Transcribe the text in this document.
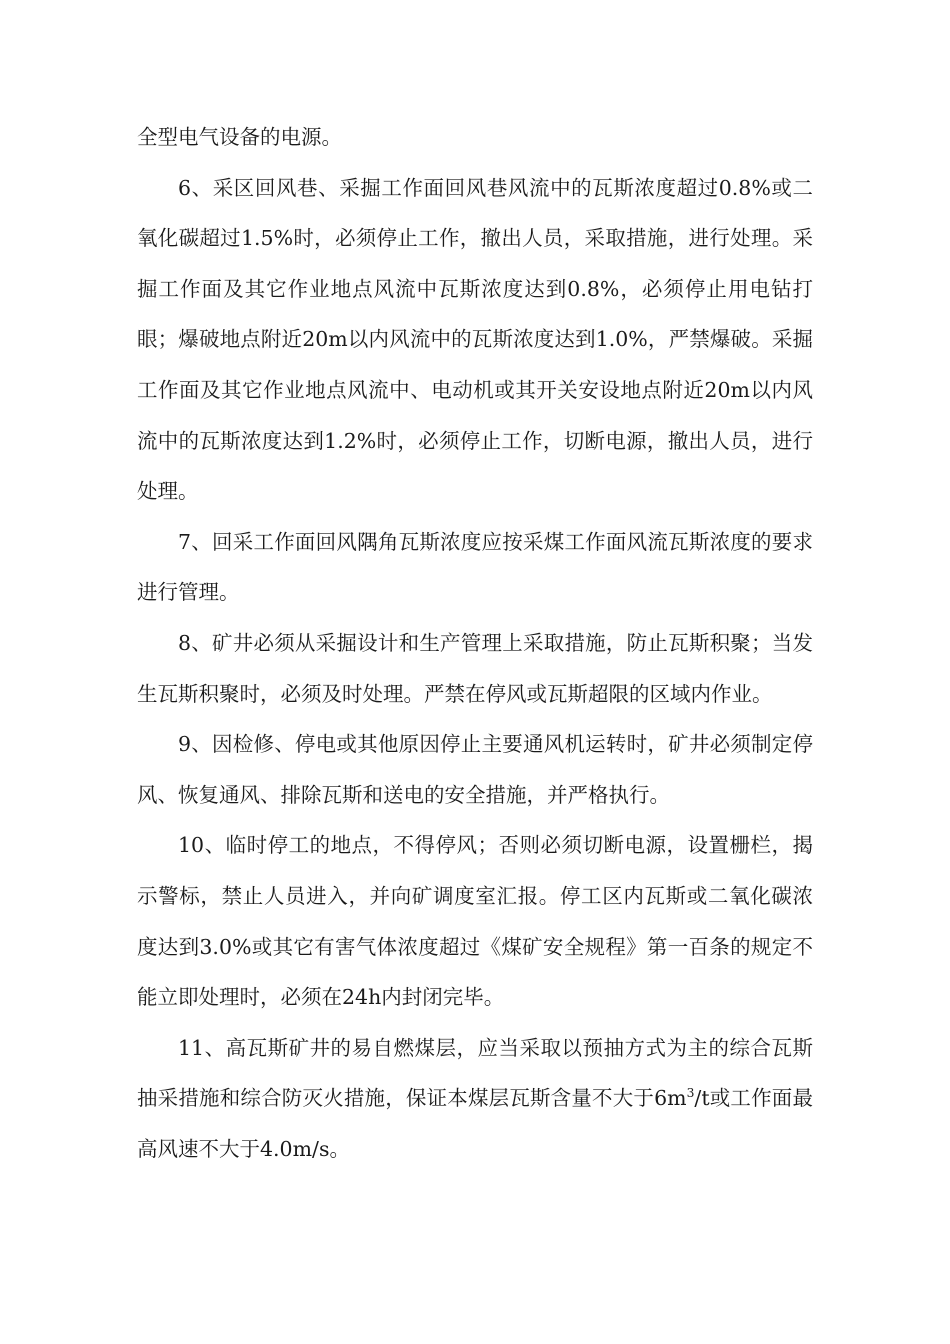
全型电气设备的电源。

6、采区回风巷、采掘工作面回风巷风流中的瓦斯浓度超过0.8%或二氧化碳超过1.5%时，必须停止工作，撤出人员，采取措施，进行处理。采掘工作面及其它作业地点风流中瓦斯浓度达到0.8%，必须停止用电钻打眼；爆破地点附近20m以内风流中的瓦斯浓度达到1.0%，严禁爆破。采掘工作面及其它作业地点风流中、电动机或其开关安设地点附近20m以内风流中的瓦斯浓度达到1.2%时，必须停止工作，切断电源，撤出人员，进行处理。

7、回采工作面回风隅角瓦斯浓度应按采煤工作面风流瓦斯浓度的要求进行管理。

8、矿井必须从采掘设计和生产管理上采取措施，防止瓦斯积聚；当发生瓦斯积聚时，必须及时处理。严禁在停风或瓦斯超限的区域内作业。

9、因检修、停电或其他原因停止主要通风机运转时，矿井必须制定停风、恢复通风、排除瓦斯和送电的安全措施，并严格执行。

10、临时停工的地点，不得停风；否则必须切断电源，设置栅栏，揭示警标，禁止人员进入，并向矿调度室汇报。停工区内瓦斯或二氧化碳浓度达到3.0%或其它有害气体浓度超过《煤矿安全规程》第一百条的规定不能立即处理时，必须在24h内封闭完毕。

11、高瓦斯矿井的易自燃煤层，应当采取以预抽方式为主的综合瓦斯抽采措施和综合防灭火措施，保证本煤层瓦斯含量不大于$6m^3/t$或工作面最高风速不大于4.0m/s。
